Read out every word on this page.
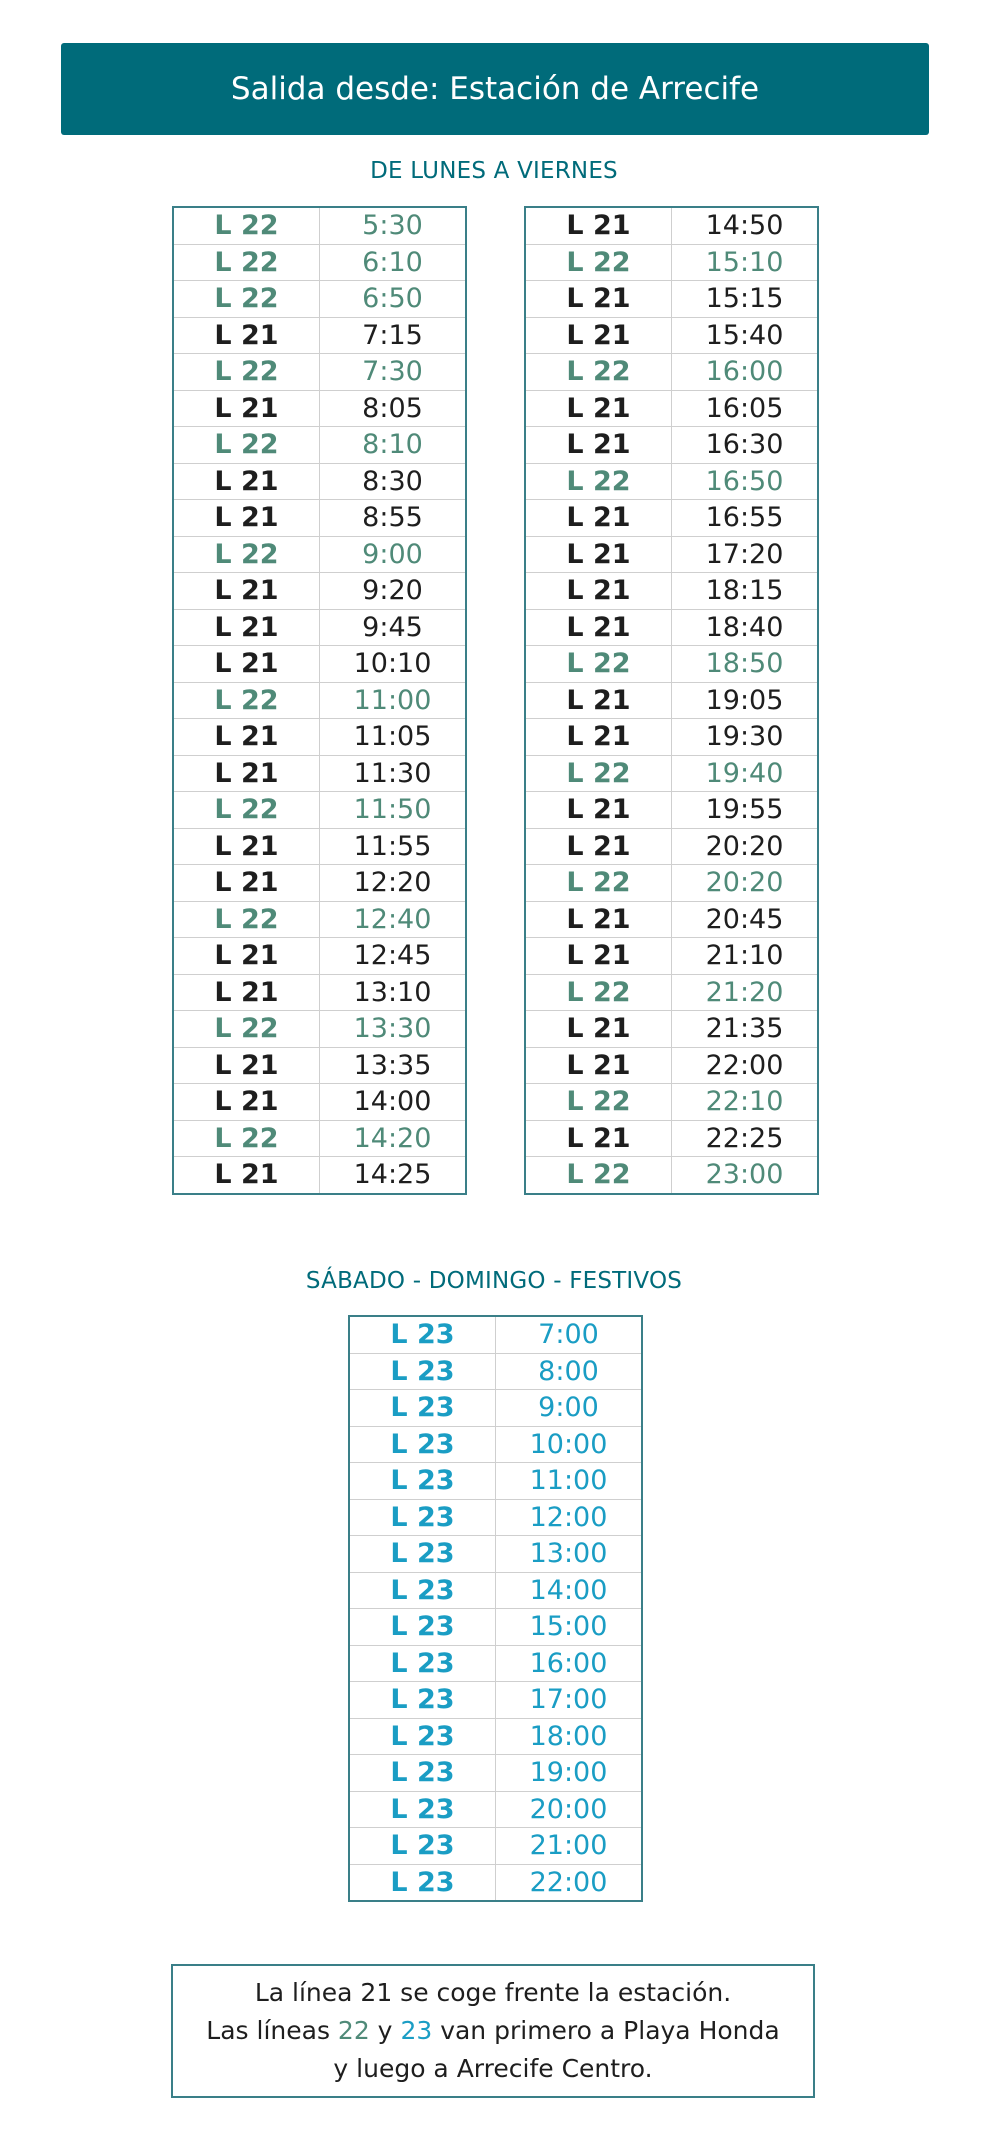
Salida desde: Estación de Arrecife
DE LUNES A VIERNES
L 22	5:30
L 22	6:10
L 22	6:50
L 21	7:15
L 22	7:30
L 21	8:05
L 22	8:10
L 21	8:30
L 21	8:55
L 22	9:00
L 21	9:20
L 21	9:45
L 21	10:10
L 22	11:00
L 21	11:05
L 21	11:30
L 22	11:50
L 21	11:55
L 21	12:20
L 22	12:40
L 21	12:45
L 21	13:10
L 22	13:30
L 21	13:35
L 21	14:00
L 22	14:20
L 21	14:25
L 21	14:50
L 22	15:10
L 21	15:15
L 21	15:40
L 22	16:00
L 21	16:05
L 21	16:30
L 22	16:50
L 21	16:55
L 21	17:20
L 21	18:15
L 21	18:40
L 22	18:50
L 21	19:05
L 21	19:30
L 22	19:40
L 21	19:55
L 21	20:20
L 22	20:20
L 21	20:45
L 21	21:10
L 22	21:20
L 21	21:35
L 21	22:00
L 22	22:10
L 21	22:25
L 22	23:00
SÁBADO - DOMINGO - FESTIVOS
L 23	7:00
L 23	8:00
L 23	9:00
L 23	10:00
L 23	11:00
L 23	12:00
L 23	13:00
L 23	14:00
L 23	15:00
L 23	16:00
L 23	17:00
L 23	18:00
L 23	19:00
L 23	20:00
L 23	21:00
L 23	22:00
La línea 21 se coge frente la estación.
Las líneas 22 y 23 van primero a Playa Honda
y luego a Arrecife Centro.
